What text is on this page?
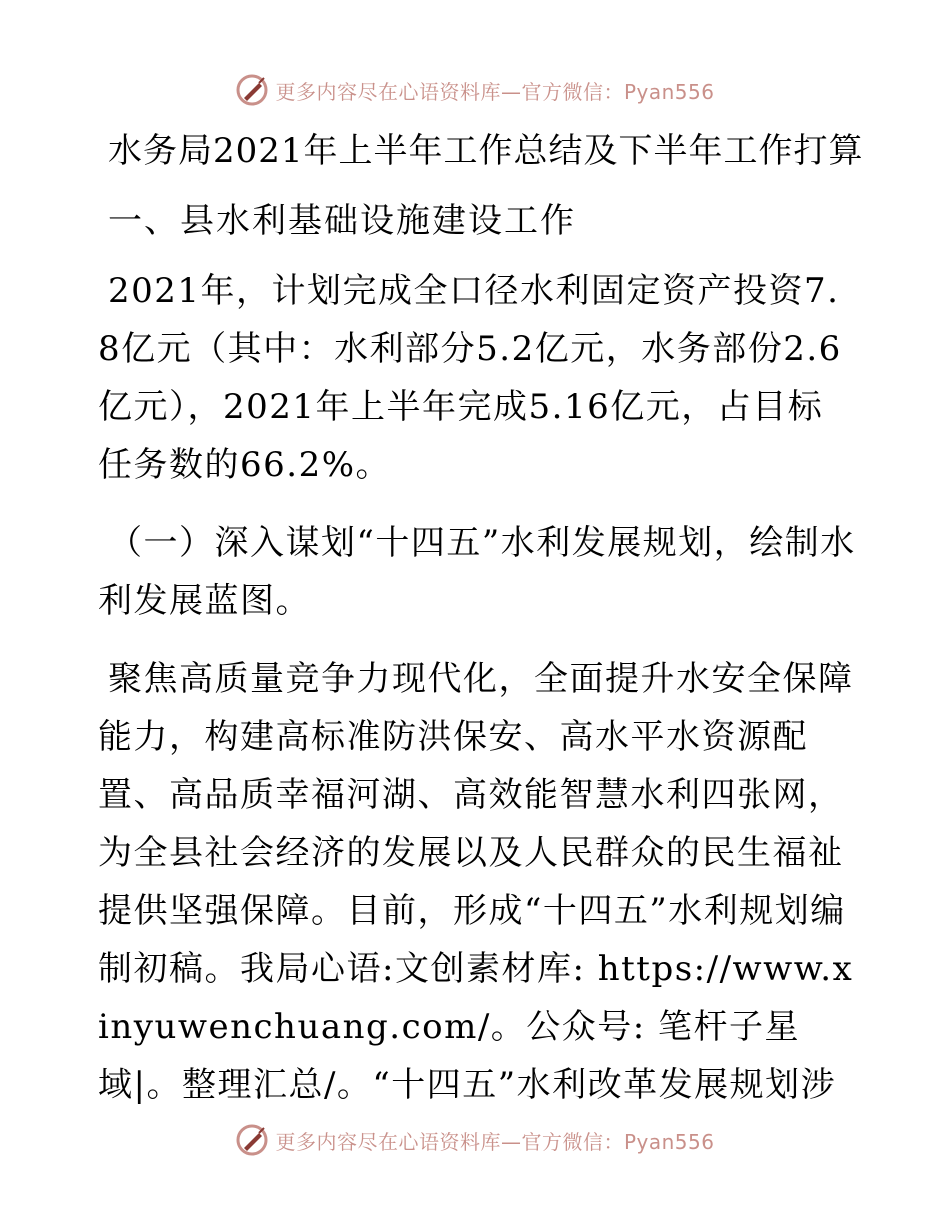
更多内容尽在心语资料库—官方微信：Pyan556
水务局2021年上半年工作总结及下半年工作打算
一、县水利基础设施建设工作
2021年，计划完成全口径水利固定资产投资7.8亿元（其中：水利部分5.2亿元，水务部份2.6亿元），2021年上半年完成5.16亿元，占目标任务数的66.2%。
（一）深入谋划“十四五”水利发展规划，绘制水利发展蓝图。
聚焦高质量竞争力现代化，全面提升水安全保障能力，构建高标准防洪保安、高水平水资源配置、高品质幸福河湖、高效能智慧水利四张网，为全县社会经济的发展以及人民群众的民生福祉提供坚强保障。目前，形成“十四五”水利规划编制初稿。我局心语:文创素材库: https://www.xinyuwenchuang.com/。公众号: 笔杆子星域|。整理汇总/。“十四五”水利改革发展规划涉
更多内容尽在心语资料库—官方微信：Pyan556
